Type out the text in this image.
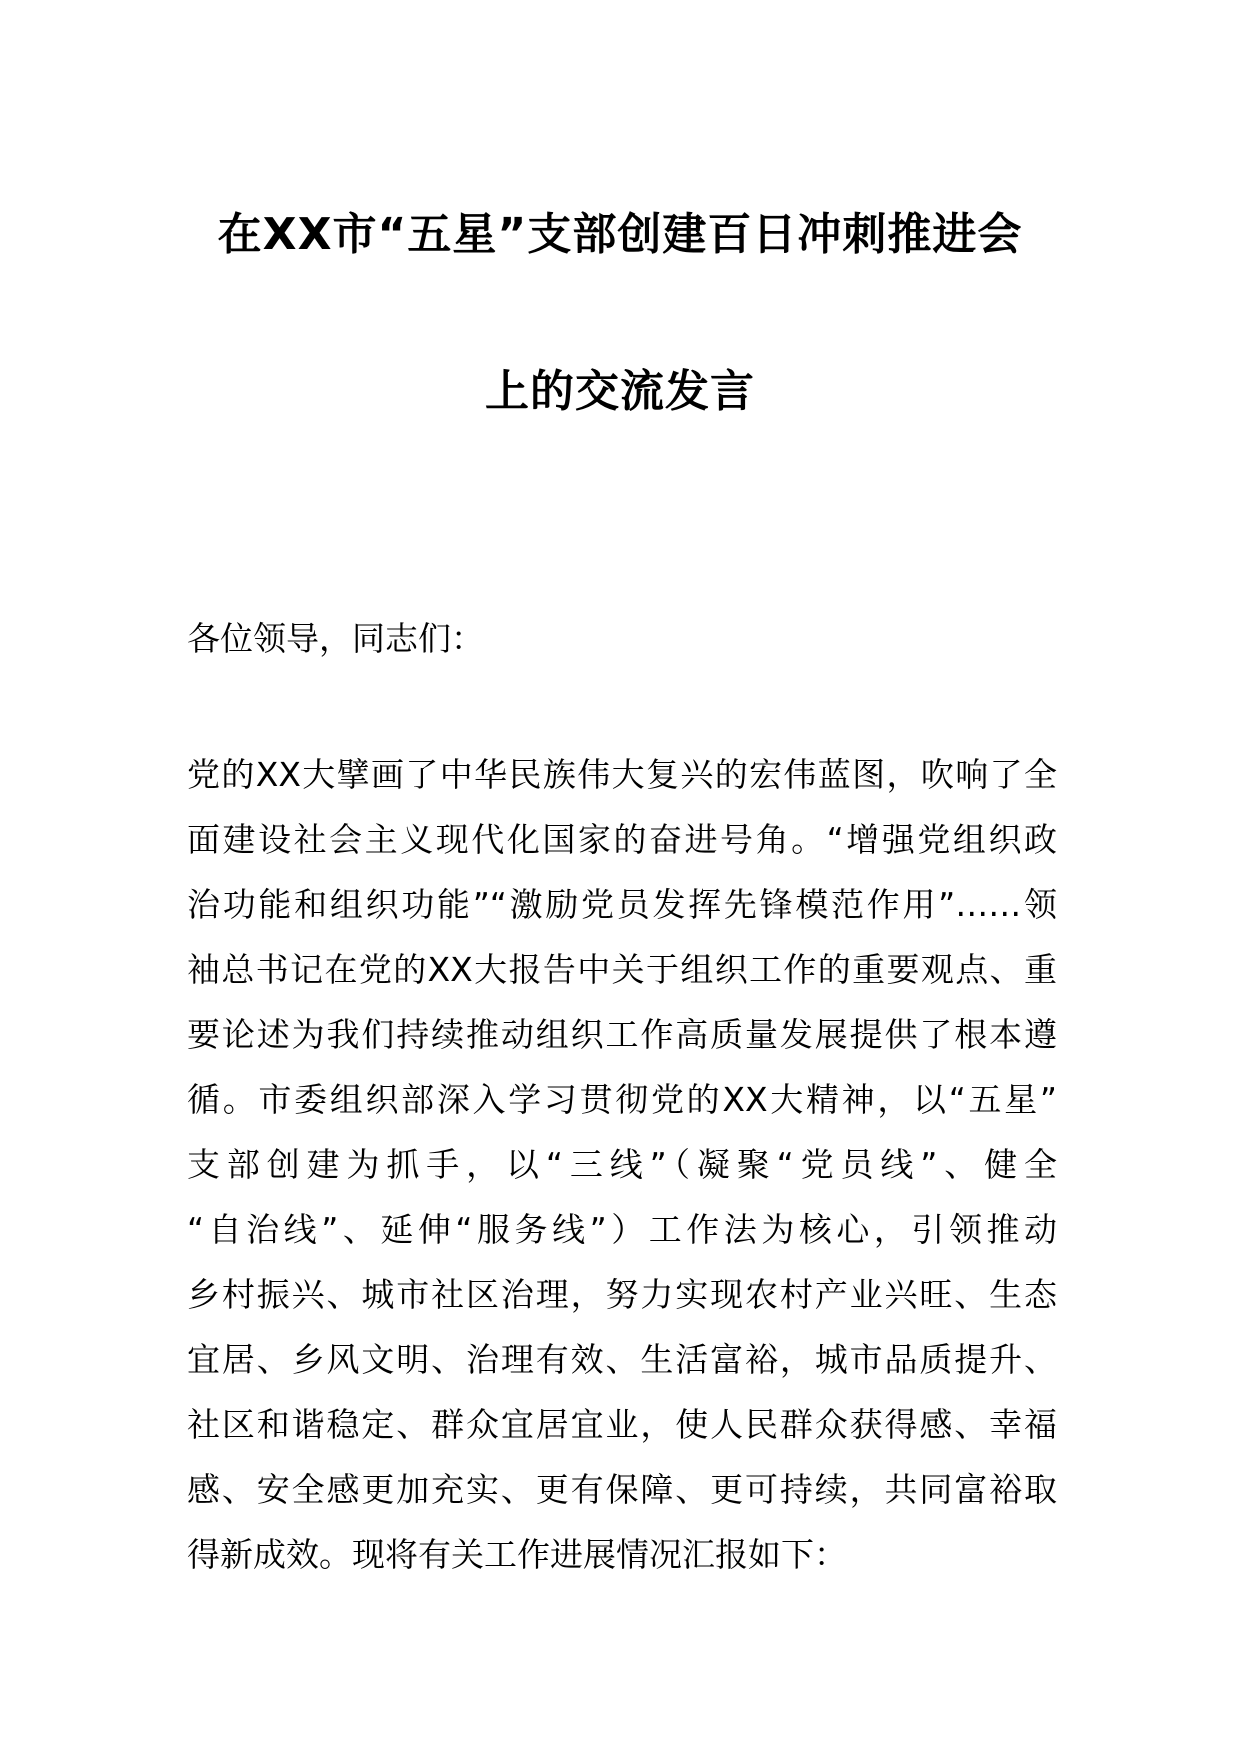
在XX市“五星”支部创建百日冲刺推进会
上的交流发言
各位领导，同志们：
党的XX大擘画了中华民族伟大复兴的宏伟蓝图，吹响了全
面建设社会主义现代化国家的奋进号角。“增强党组织政
治功能和组织功能”“激励党员发挥先锋模范作用”……领
袖总书记在党的XX大报告中关于组织工作的重要观点、重
要论述为我们持续推动组织工作高质量发展提供了根本遵
循。市委组织部深入学习贯彻党的XX大精神，以“五星”
支部创建为抓手，以“三线”（凝聚“党员线”、健全
“自治线”、延伸“服务线”）工作法为核心，引领推动
乡村振兴、城市社区治理，努力实现农村产业兴旺、生态
宜居、乡风文明、治理有效、生活富裕，城市品质提升、
社区和谐稳定、群众宜居宜业，使人民群众获得感、幸福
感、安全感更加充实、更有保障、更可持续，共同富裕取
得新成效。现将有关工作进展情况汇报如下：
